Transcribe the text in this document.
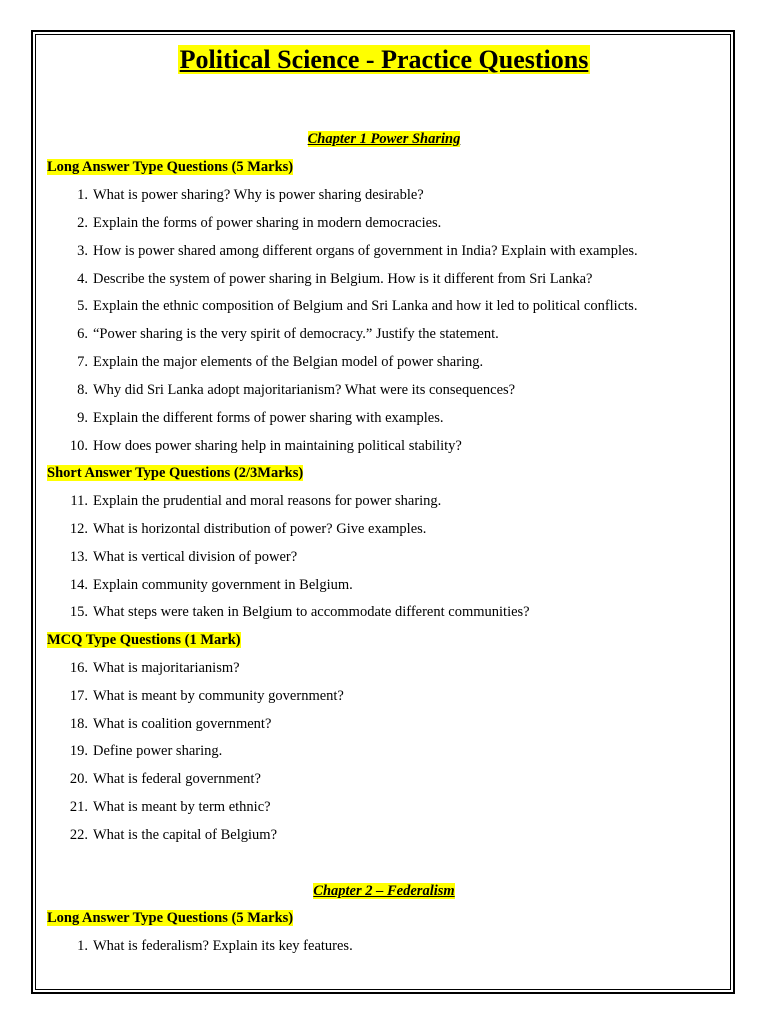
Political Science - Practice Questions
Chapter 1 Power Sharing
Long Answer Type Questions (5 Marks)
1. What is power sharing? Why is power sharing desirable?
2. Explain the forms of power sharing in modern democracies.
3. How is power shared among different organs of government in India? Explain with examples.
4. Describe the system of power sharing in Belgium. How is it different from Sri Lanka?
5. Explain the ethnic composition of Belgium and Sri Lanka and how it led to political conflicts.
6. “Power sharing is the very spirit of democracy.” Justify the statement.
7. Explain the major elements of the Belgian model of power sharing.
8. Why did Sri Lanka adopt majoritarianism? What were its consequences?
9. Explain the different forms of power sharing with examples.
10. How does power sharing help in maintaining political stability?
Short Answer Type Questions (2/3Marks)
11. Explain the prudential and moral reasons for power sharing.
12. What is horizontal distribution of power? Give examples.
13. What is vertical division of power?
14. Explain community government in Belgium.
15. What steps were taken in Belgium to accommodate different communities?
MCQ Type Questions (1 Mark)
16. What is majoritarianism?
17. What is meant by community government?
18. What is coalition government?
19. Define power sharing.
20. What is federal government?
21. What is meant by term ethnic?
22. What is the capital of Belgium?
Chapter 2 – Federalism
Long Answer Type Questions (5 Marks)
1. What is federalism? Explain its key features.
